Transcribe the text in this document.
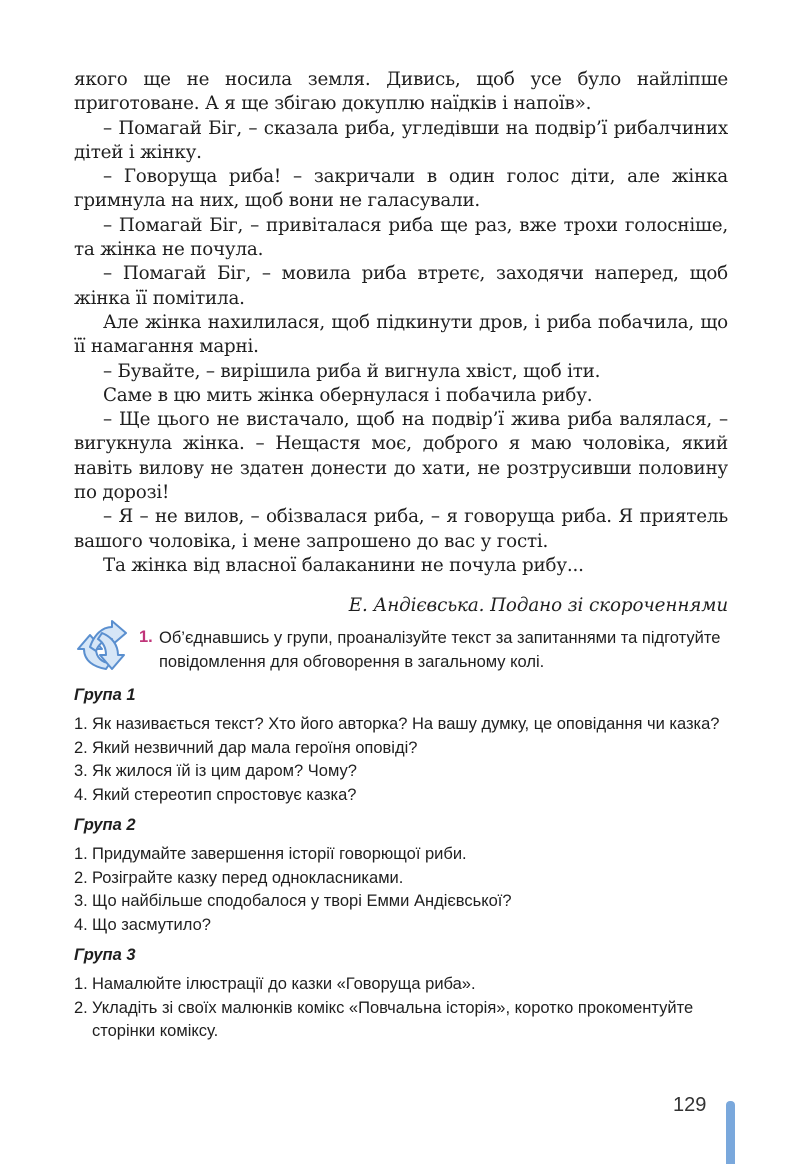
якого ще не носила земля. Дивись, щоб усе було найліпше приготоване. А я ще збігаю докуплю наїдків і напоїв».

– Помагай Біг, – сказала риба, угледівши на подвір’ї рибалчиних дітей і жінку.

– Говоруща риба! – закричали в один голос діти, але жінка гримнула на них, щоб вони не галасували.

– Помагай Біг, – привіталася риба ще раз, вже трохи голосніше, та жінка не почула.

– Помагай Біг, – мовила риба втретє, заходячи наперед, щоб жінка її помітила.

Але жінка нахилилася, щоб підкинути дров, і риба побачила, що її намагання марні.

– Бувайте, – вирішила риба й вигнула хвіст, щоб іти.

Саме в цю мить жінка обернулася і побачила рибу.

– Ще цього не вистачало, щоб на подвір’ї жива риба валялася, – вигукнула жінка. – Нещастя моє, доброго я маю чоловіка, який навіть вилову не здатен донести до хати, не розтрусивши половину по дорозі!

– Я – не вилов, – обізвалася риба, – я говоруща риба. Я приятель вашого чоловіка, і мене запрошено до вас у гості.

Та жінка від власної балаканини не почула рибу...

Е. Андієвська. Подано зі скороченнями
1. Об’єднавшись у групи, проаналізуйте текст за запитаннями та підготуйте повідомлення для обговорення в загальному колі.
Група 1
1. Як називається текст? Хто його авторка? На вашу думку, це оповідання чи казка?
2. Який незвичний дар мала героїня оповіді?
3. Як жилося їй із цим даром? Чому?
4. Який стереотип спростовує казка?
Група 2
1. Придумайте завершення історії говорющої риби.
2. Розіграйте казку перед однокласниками.
3. Що найбільше сподобалося у творі Емми Андієвської?
4. Що засмутило?
Група 3
1. Намалюйте ілюстрації до казки «Говоруща риба».
2. Укладіть зі своїх малюнків комікс «Повчальна історія», коротко прокоментуйте сторінки коміксу.
129
